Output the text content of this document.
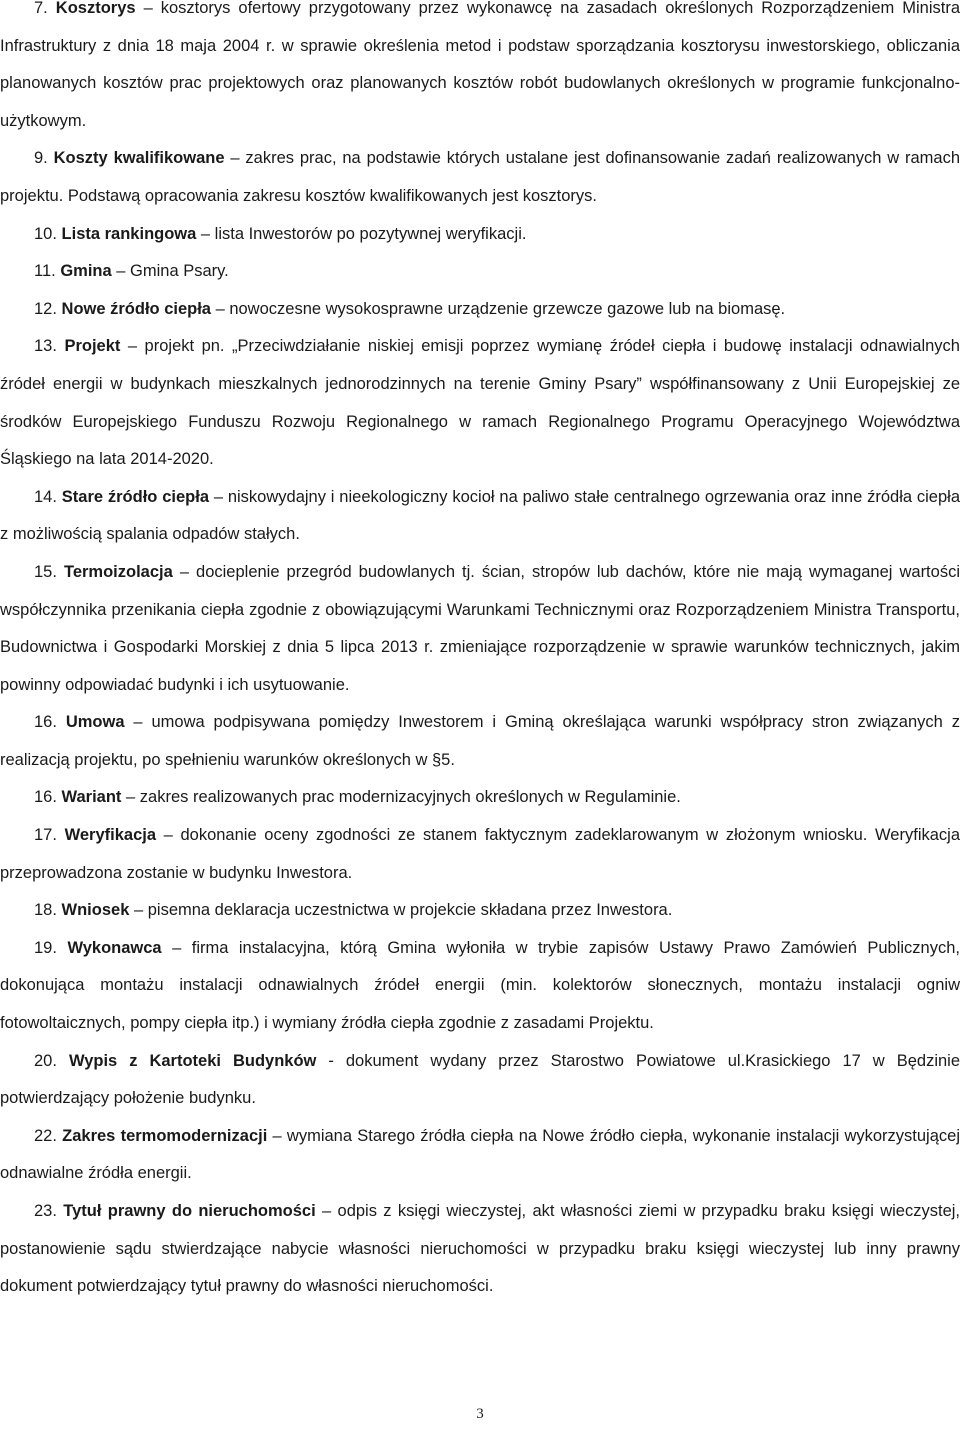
7. Kosztorys – kosztorys ofertowy przygotowany przez wykonawcę na zasadach określonych Rozporządzeniem Ministra Infrastruktury z dnia 18 maja 2004 r. w sprawie określenia metod i podstaw sporządzania kosztorysu inwestorskiego, obliczania planowanych kosztów prac projektowych oraz planowanych kosztów robót budowlanych określonych w programie funkcjonalno-użytkowym.

9. Koszty kwalifikowane – zakres prac, na podstawie których ustalane jest dofinansowanie zadań realizowanych w ramach projektu. Podstawą opracowania zakresu kosztów kwalifikowanych jest kosztorys.

10. Lista rankingowa – lista Inwestorów po pozytywnej weryfikacji.

11. Gmina – Gmina Psary.

12. Nowe źródło ciepła – nowoczesne wysokosprawne urządzenie grzewcze gazowe lub na biomasę.

13. Projekt – projekt pn. „Przeciwdziałanie niskiej emisji poprzez wymianę źródeł ciepła i budowę instalacji odnawialnych źródeł energii w budynkach mieszkalnych jednorodzinnych na terenie Gminy Psary” współfinansowany z Unii Europejskiej ze środków Europejskiego Funduszu Rozwoju Regionalnego w ramach Regionalnego Programu Operacyjnego Województwa Śląskiego na lata 2014-2020.

14. Stare źródło ciepła – niskowydajny i nieekologiczny kocioł na paliwo stałe centralnego ogrzewania oraz inne źródła ciepła z możliwością spalania odpadów stałych.

15. Termoizolacja – docieplenie przegród budowlanych tj. ścian, stropów lub dachów, które nie mają wymaganej wartości współczynnika przenikania ciepła zgodnie z obowiązującymi Warunkami Technicznymi oraz Rozporządzeniem Ministra Transportu, Budownictwa i Gospodarki Morskiej z dnia 5 lipca 2013 r. zmieniające rozporządzenie w sprawie warunków technicznych, jakim powinny odpowiadać budynki i ich usytuowanie.

16. Umowa – umowa podpisywana pomiędzy Inwestorem i Gminą określająca warunki współpracy stron związanych z realizacją projektu, po spełnieniu warunków określonych w §5.

16. Wariant – zakres realizowanych prac modernizacyjnych określonych w Regulaminie.

17. Weryfikacja – dokonanie oceny zgodności ze stanem faktycznym zadeklarowanym w złożonym wniosku. Weryfikacja przeprowadzona zostanie w budynku Inwestora.

18. Wniosek – pisemna deklaracja uczestnictwa w projekcie składana przez Inwestora.

19. Wykonawca – firma instalacyjna, którą Gmina wyłoniła w trybie zapisów Ustawy Prawo Zamówień Publicznych, dokonująca montażu instalacji odnawialnych źródeł energii (min. kolektorów słonecznych, montażu instalacji ogniw fotowoltaicznych, pompy ciepła itp.) i wymiany źródła ciepła zgodnie z zasadami Projektu.

20. Wypis z Kartoteki Budynków - dokument wydany przez Starostwo Powiatowe ul.Krasickiego 17 w Będzinie potwierdzający położenie budynku.

22. Zakres termomodernizacji – wymiana Starego źródła ciepła na Nowe źródło ciepła, wykonanie instalacji wykorzystującej odnawialne źródła energii.

23. Tytuł prawny do nieruchomości – odpis z księgi wieczystej, akt własności ziemi w przypadku braku księgi wieczystej, postanowienie sądu stwierdzające nabycie własności nieruchomości w przypadku braku księgi wieczystej lub inny prawny dokument potwierdzający tytuł prawny do własności nieruchomości.

3
